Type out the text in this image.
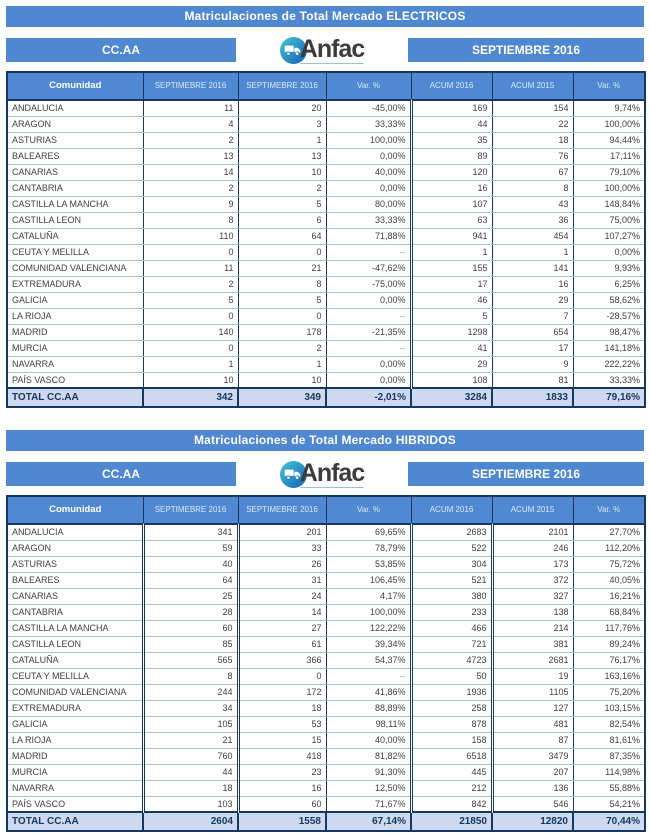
Matriculaciones de Total Mercado ELECTRICOS
CC.AA	Anfac	SEPTIEMBRE 2016
Comunidad	SEPTIMEBRE 2016	SEPTIMEBRE 2016	Var. %	ACUM 2016	ACUM 2015	Var. %
ANDALUCIA	11	20	-45,00%	169	154	9,74%
ARAGON	4	3	33,33%	44	22	100,00%
ASTURIAS	2	1	100,00%	35	18	94,44%
BALEARES	13	13	0,00%	89	76	17,11%
CANARIAS	14	10	40,00%	120	67	79,10%
CANTABRIA	2	2	0,00%	16	8	100,00%
CASTILLA LA MANCHA	9	5	80,00%	107	43	148,84%
CASTILLA LEON	8	6	33,33%	63	36	75,00%
CATALUÑA	110	64	71,88%	941	454	107,27%
CEUTA Y MELILLA	0	0	--	1	1	0,00%
COMUNIDAD VALENCIANA	11	21	-47,62%	155	141	9,93%
EXTREMADURA	2	8	-75,00%	17	16	6,25%
GALICIA	5	5	0,00%	46	29	58,62%
LA RIOJA	0	0	--	5	7	-28,57%
MADRID	140	178	-21,35%	1298	654	98,47%
MURCIA	0	2	--	41	17	141,18%
NAVARRA	1	1	0,00%	29	9	222,22%
PAÍS VASCO	10	10	0,00%	108	81	33,33%
TOTAL CC.AA	342	349	-2,01%	3284	1833	79,16%
Matriculaciones de Total Mercado HIBRIDOS
CC.AA	Anfac	SEPTIEMBRE 2016
Comunidad	SEPTIMEBRE 2016	SEPTIMEBRE 2016	Var. %	ACUM 2016	ACUM 2015	Var. %
ANDALUCIA	341	201	69,65%	2683	2101	27,70%
ARAGON	59	33	78,79%	522	246	112,20%
ASTURIAS	40	26	53,85%	304	173	75,72%
BALEARES	64	31	106,45%	521	372	40,05%
CANARIAS	25	24	4,17%	380	327	16,21%
CANTABRIA	28	14	100,00%	233	138	68,84%
CASTILLA LA MANCHA	60	27	122,22%	466	214	117,76%
CASTILLA LEON	85	61	39,34%	721	381	89,24%
CATALUÑA	565	366	54,37%	4723	2681	76,17%
CEUTA Y MELILLA	8	0	--	50	19	163,16%
COMUNIDAD VALENCIANA	244	172	41,86%	1936	1105	75,20%
EXTREMADURA	34	18	88,89%	258	127	103,15%
GALICIA	105	53	98,11%	878	481	82,54%
LA RIOJA	21	15	40,00%	158	87	81,61%
MADRID	760	418	81,82%	6518	3479	87,35%
MURCIA	44	23	91,30%	445	207	114,98%
NAVARRA	18	16	12,50%	212	136	55,88%
PAÍS VASCO	103	60	71,67%	842	546	54,21%
TOTAL CC.AA	2604	1558	67,14%	21850	12820	70,44%
